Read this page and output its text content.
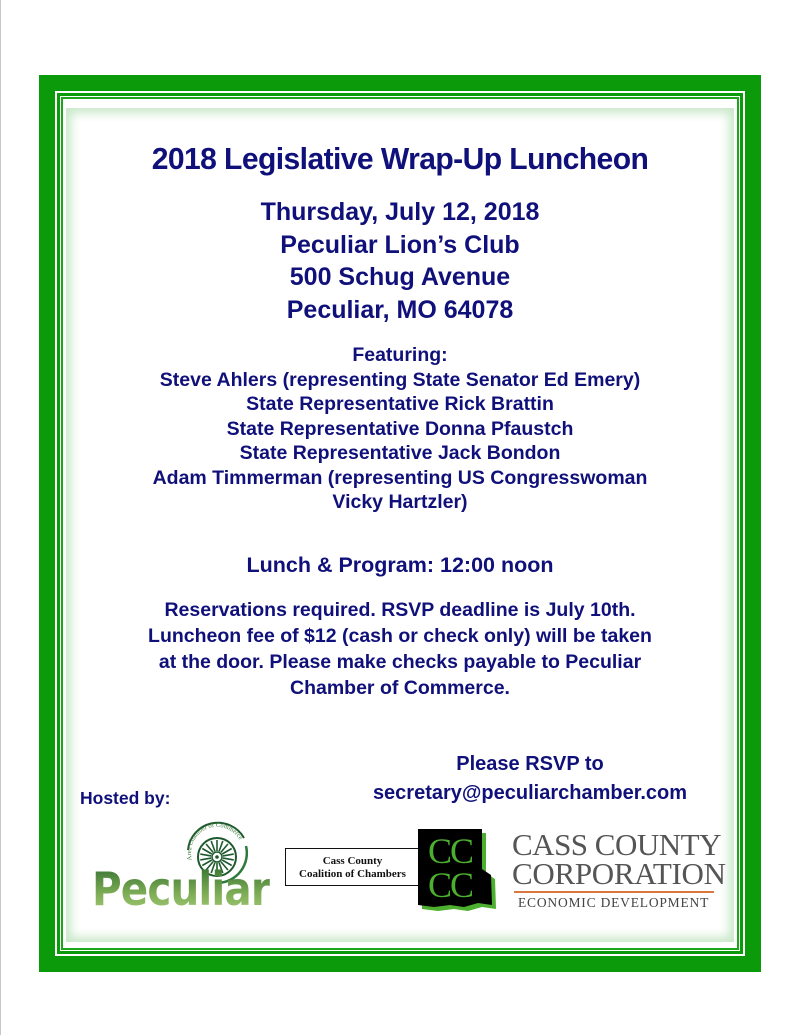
2018 Legislative Wrap-Up Luncheon
Thursday, July 12, 2018
Peculiar Lion’s Club
500 Schug Avenue
Peculiar, MO 64078
Featuring:
Steve Ahlers (representing State Senator Ed Emery)
State Representative Rick Brattin
State Representative Donna Pfaustch
State Representative Jack Bondon
Adam Timmerman (representing US Congresswoman
Vicky Hartzler)
Lunch & Program: 12:00 noon
Reservations required. RSVP deadline is July 10th.
Luncheon fee of $12 (cash or check only) will be taken
at the door. Please make checks payable to Peculiar
Chamber of Commerce.
Please RSVP to
secretary@peculiarchamber.com
Hosted by:
Area Chamber of Commerce
Peculiar
Cass County
Coalition of Chambers
CC
CC
CASS COUNTY
CORPORATION
ECONOMIC DEVELOPMENT
